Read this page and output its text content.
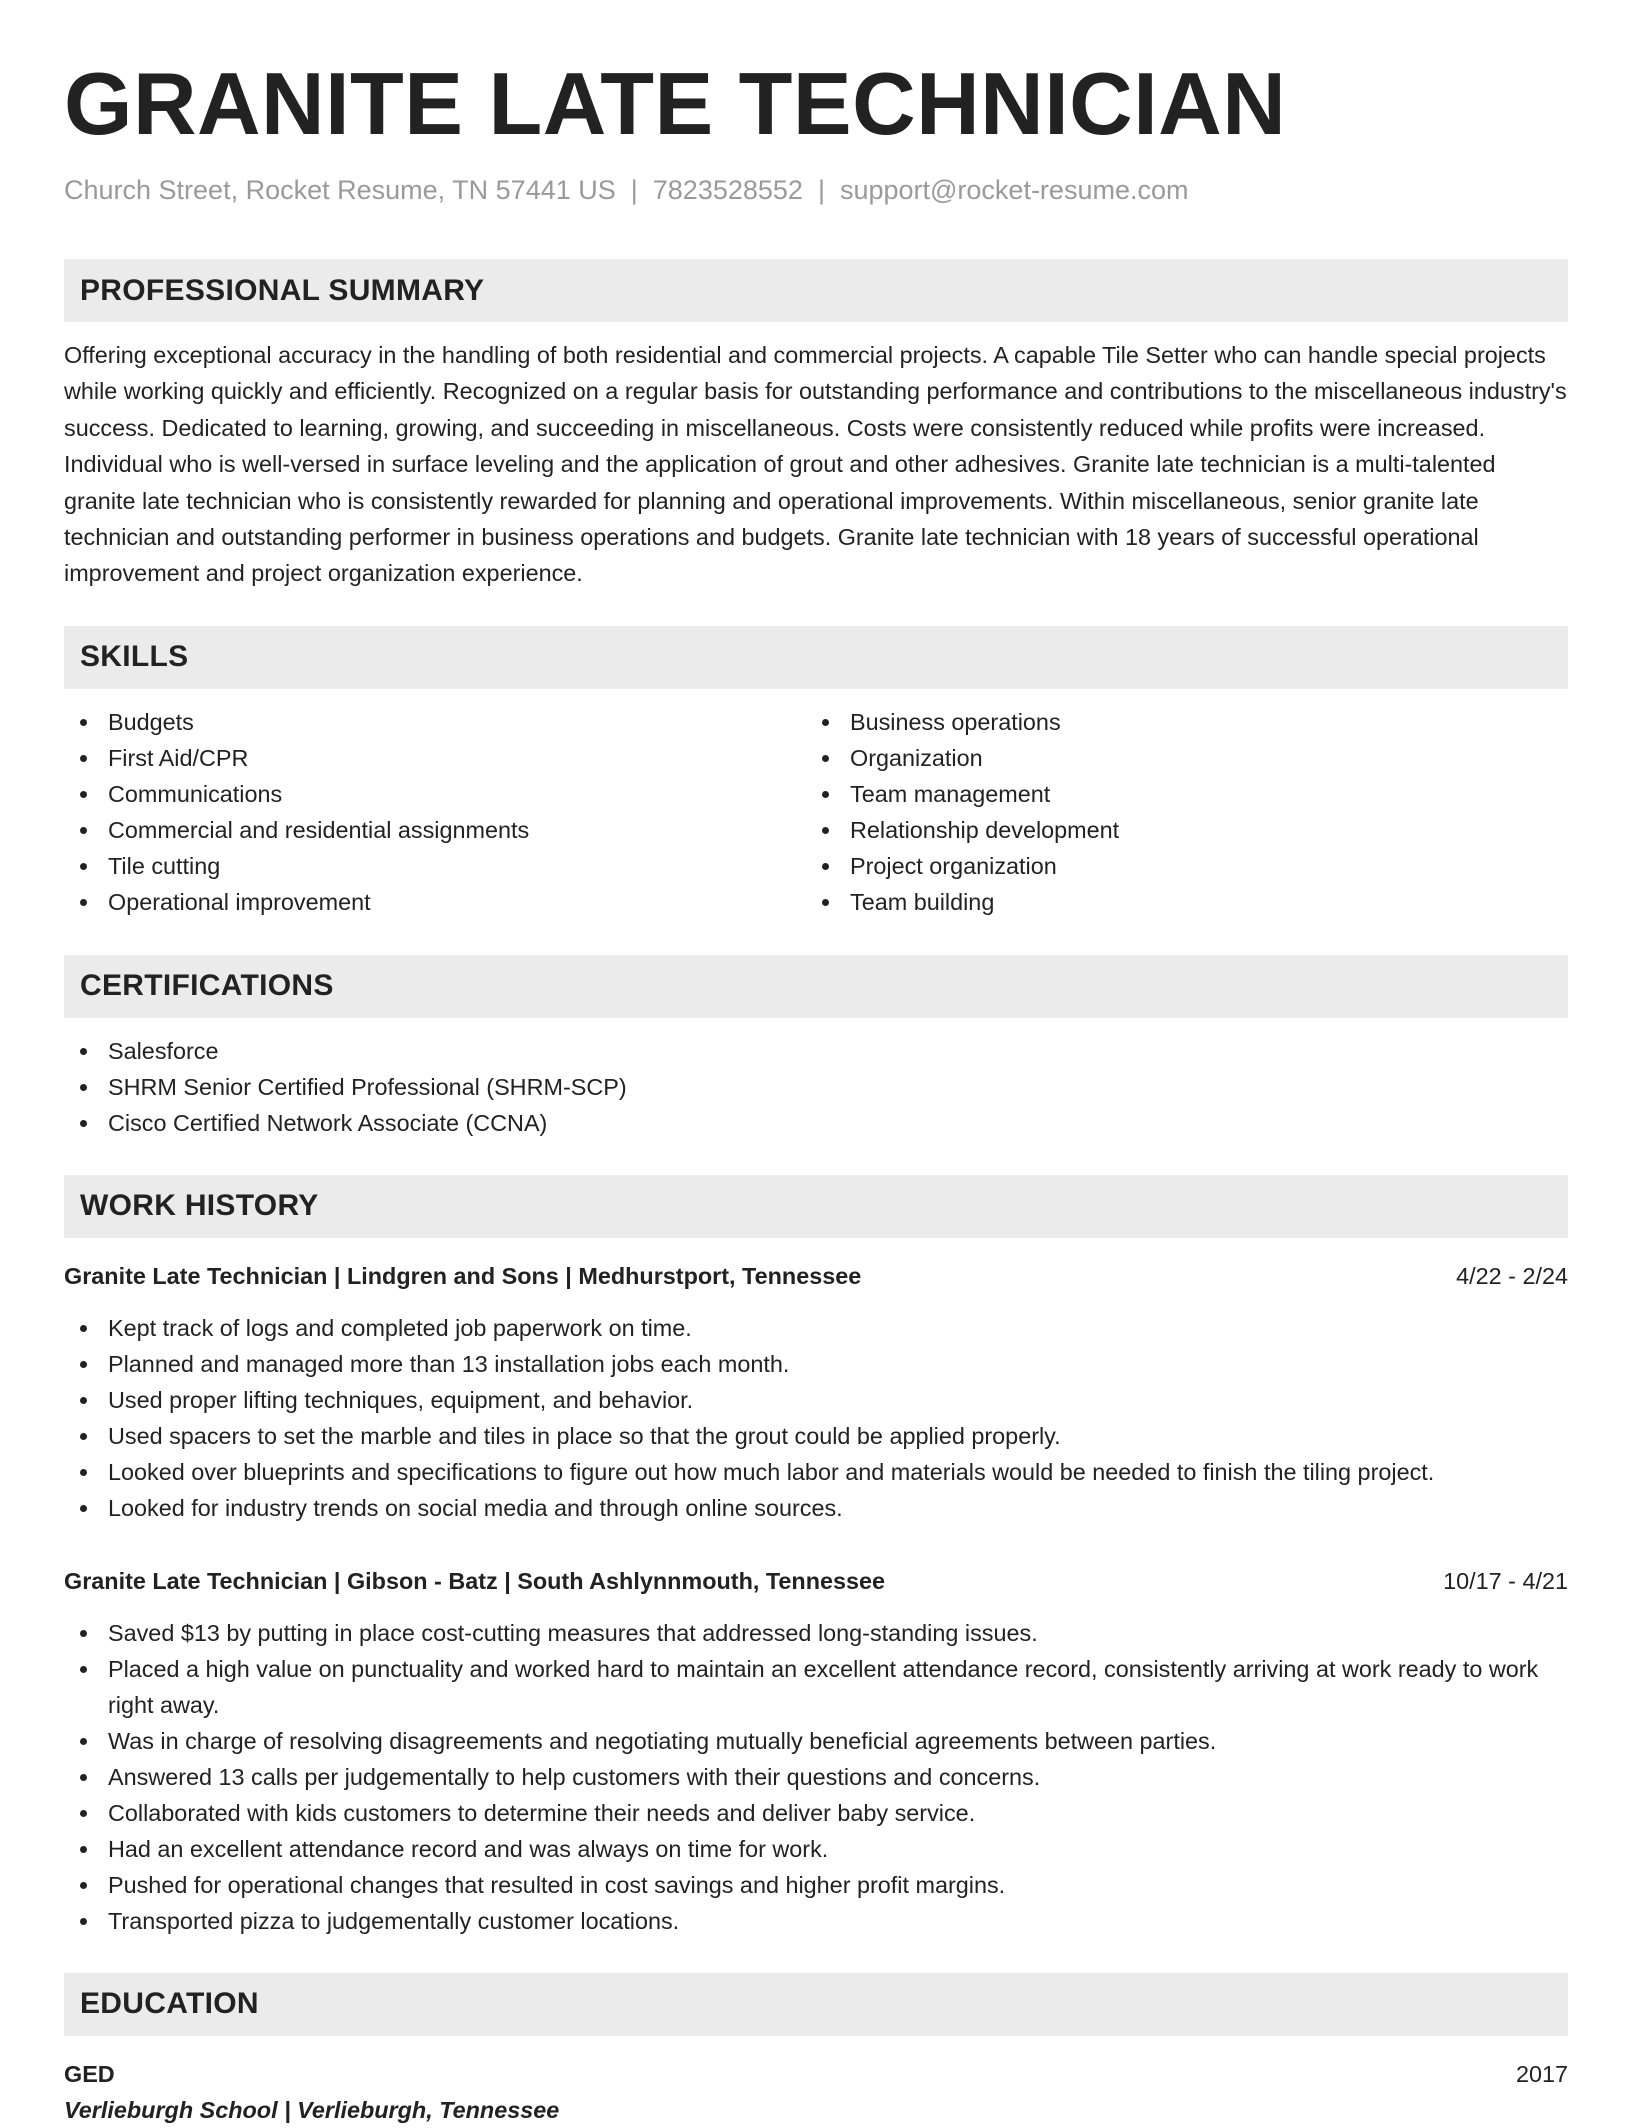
GRANITE LATE TECHNICIAN
Church Street, Rocket Resume, TN 57441 US | 7823528552 | support@rocket-resume.com
PROFESSIONAL SUMMARY

Offering exceptional accuracy in the handling of both residential and commercial projects. A capable Tile Setter who can handle special projects while working quickly and efficiently. Recognized on a regular basis for outstanding performance and contributions to the miscellaneous industry's success. Dedicated to learning, growing, and succeeding in miscellaneous. Costs were consistently reduced while profits were increased. Individual who is well-versed in surface leveling and the application of grout and other adhesives. Granite late technician is a multi-talented granite late technician who is consistently rewarded for planning and operational improvements. Within miscellaneous, senior granite late technician and outstanding performer in business operations and budgets. Granite late technician with 18 years of successful operational improvement and project organization experience.

SKILLS
Budgets
First Aid/CPR
Communications
Commercial and residential assignments
Tile cutting
Operational improvement
Business operations
Organization
Team management
Relationship development
Project organization
Team building
CERTIFICATIONS
Salesforce
SHRM Senior Certified Professional (SHRM-SCP)
Cisco Certified Network Associate (CCNA)
WORK HISTORY
Granite Late Technician | Lindgren and Sons | Medhurstport, Tennessee	4/22 - 2/24
Kept track of logs and completed job paperwork on time.
Planned and managed more than 13 installation jobs each month.
Used proper lifting techniques, equipment, and behavior.
Used spacers to set the marble and tiles in place so that the grout could be applied properly.
Looked over blueprints and specifications to figure out how much labor and materials would be needed to finish the tiling project.
Looked for industry trends on social media and through online sources.
Granite Late Technician | Gibson - Batz | South Ashlynnmouth, Tennessee	10/17 - 4/21
Saved $13 by putting in place cost-cutting measures that addressed long-standing issues.
Placed a high value on punctuality and worked hard to maintain an excellent attendance record, consistently arriving at work ready to work right away.
Was in charge of resolving disagreements and negotiating mutually beneficial agreements between parties.
Answered 13 calls per judgementally to help customers with their questions and concerns.
Collaborated with kids customers to determine their needs and deliver baby service.
Had an excellent attendance record and was always on time for work.
Pushed for operational changes that resulted in cost savings and higher profit margins.
Transported pizza to judgementally customer locations.
EDUCATION
GED	2017
Verlieburgh School | Verlieburgh, Tennessee
